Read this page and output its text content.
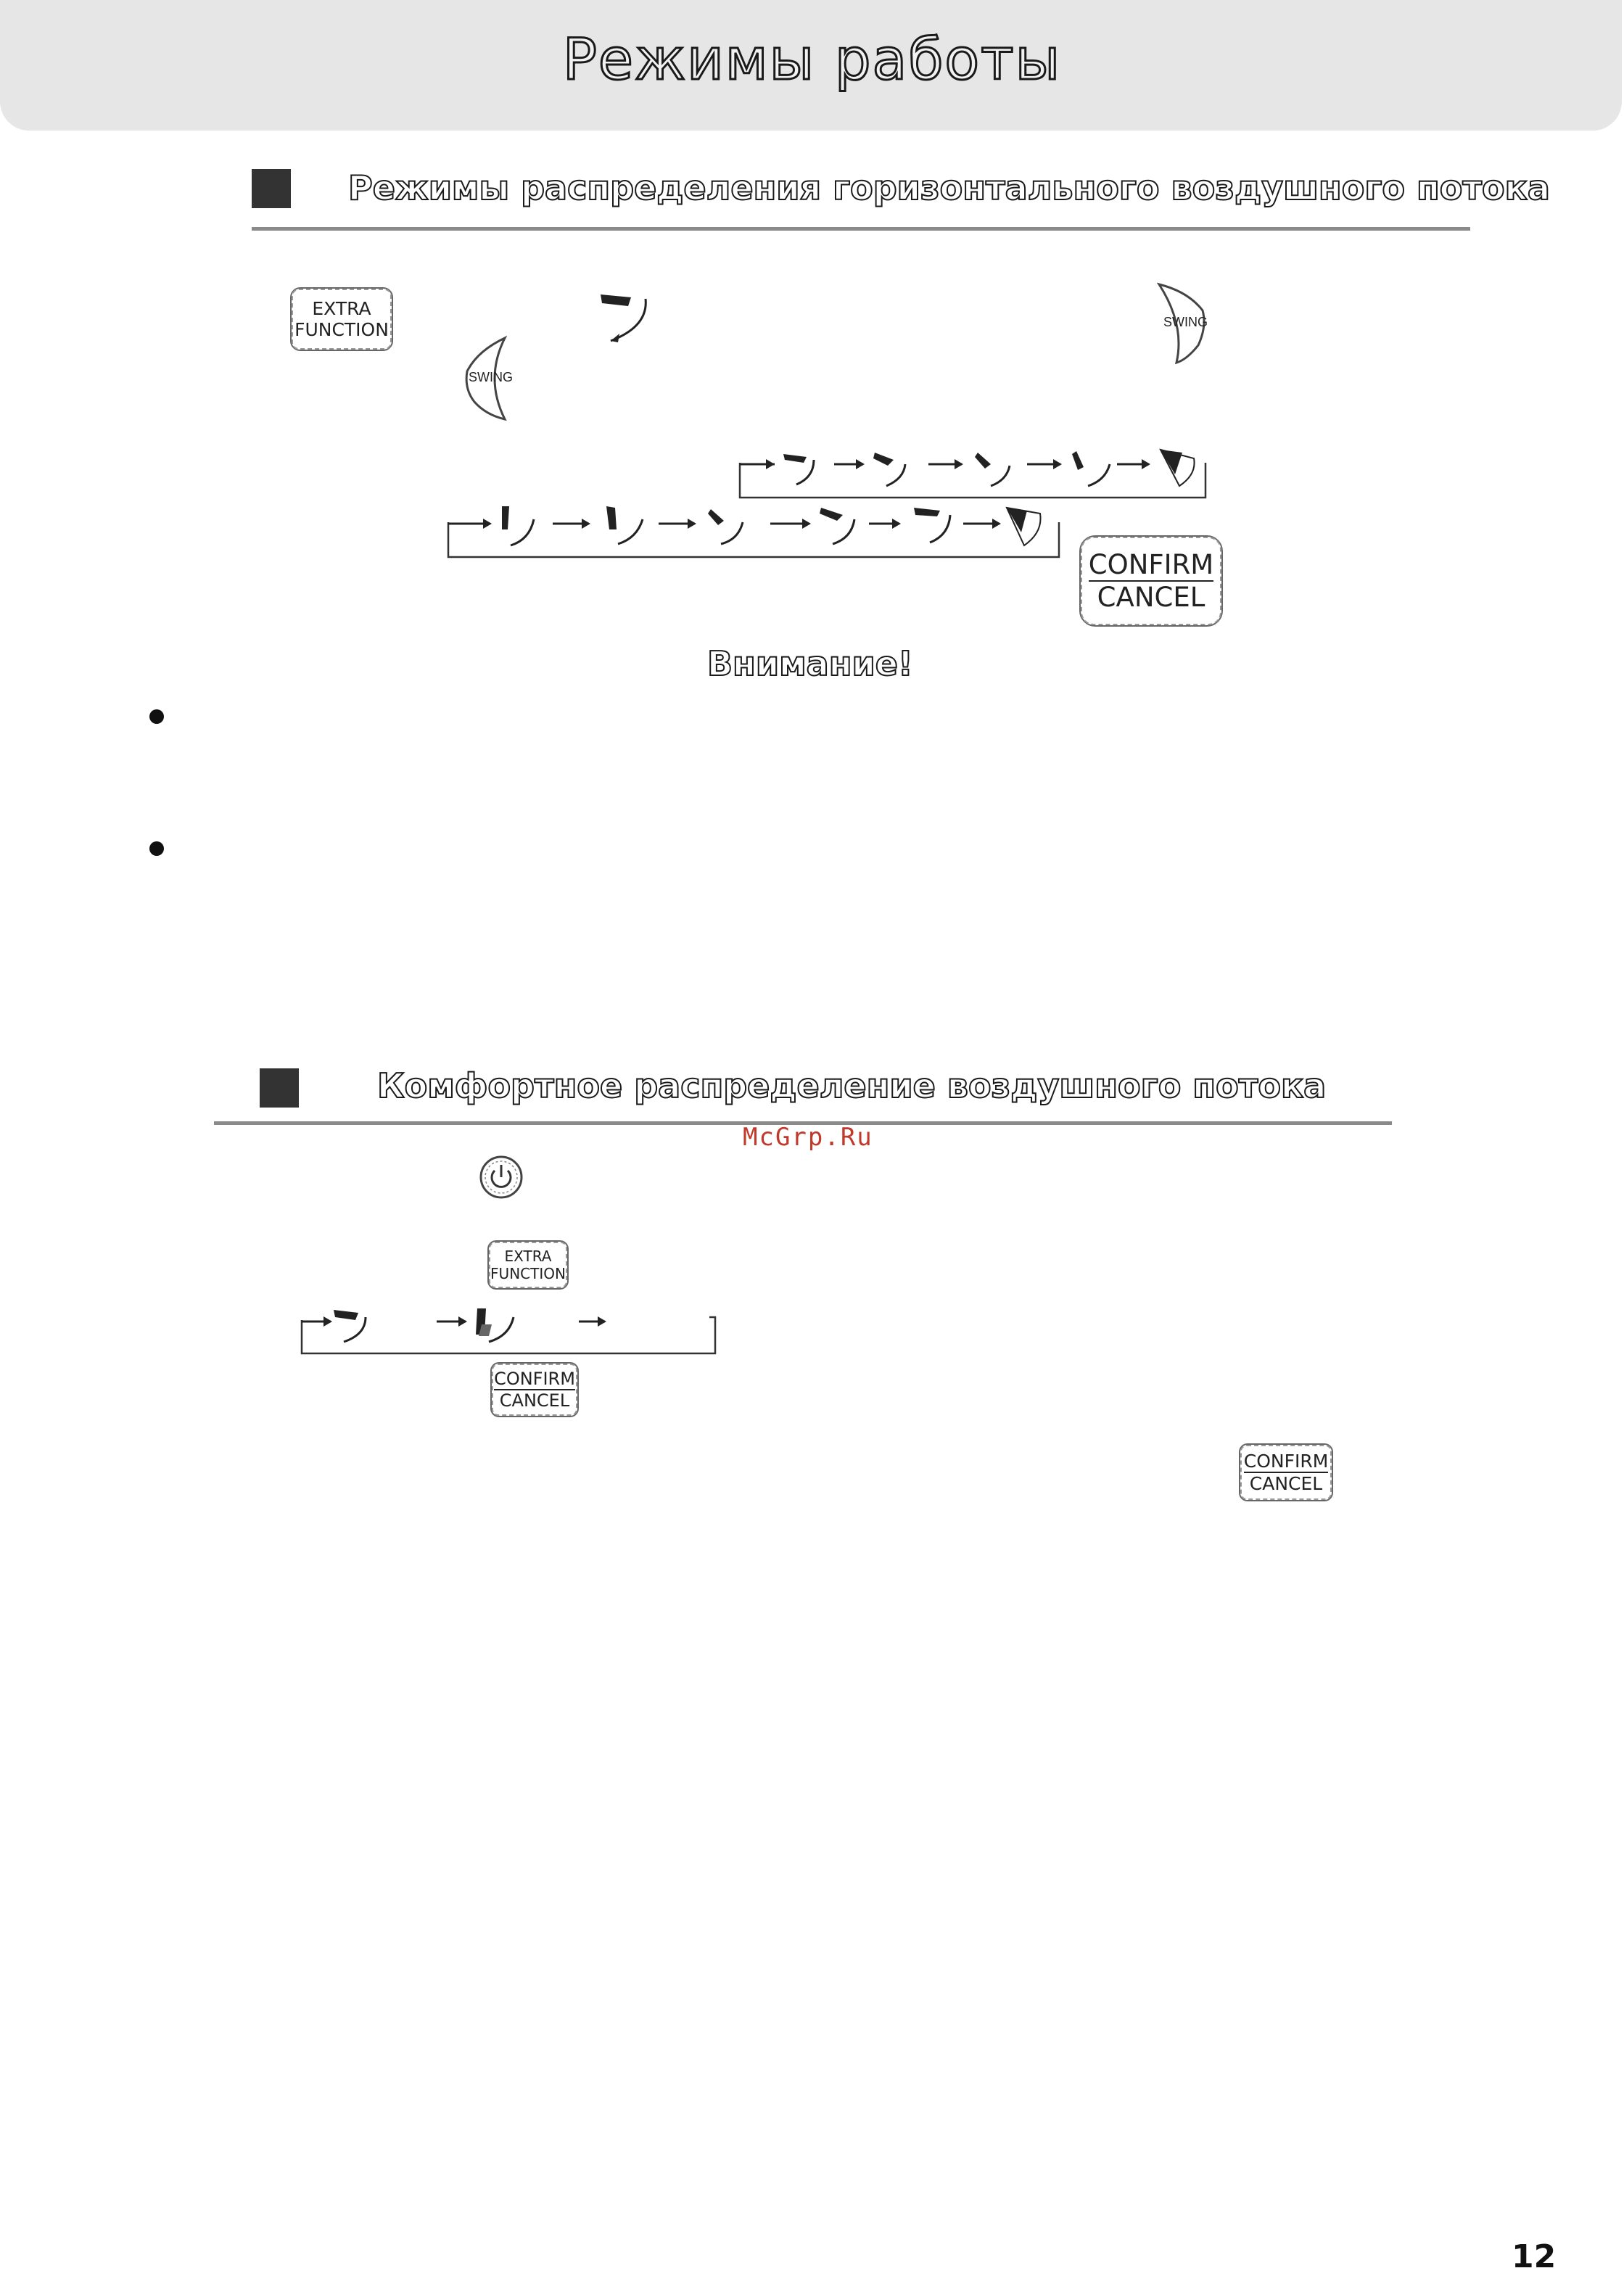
Режимы работы
Режимы распределения горизонтального воздушного потока
EXTRA
FUNCTION	SWING
SWING
CONFIRM
CANCEL
Внимание!
Комфортное распределение воздушного потока
McGrp.Ru
EXTRA
FUNCTION
CONFIRM
CANCEL
CONFIRM
CANCEL
12
